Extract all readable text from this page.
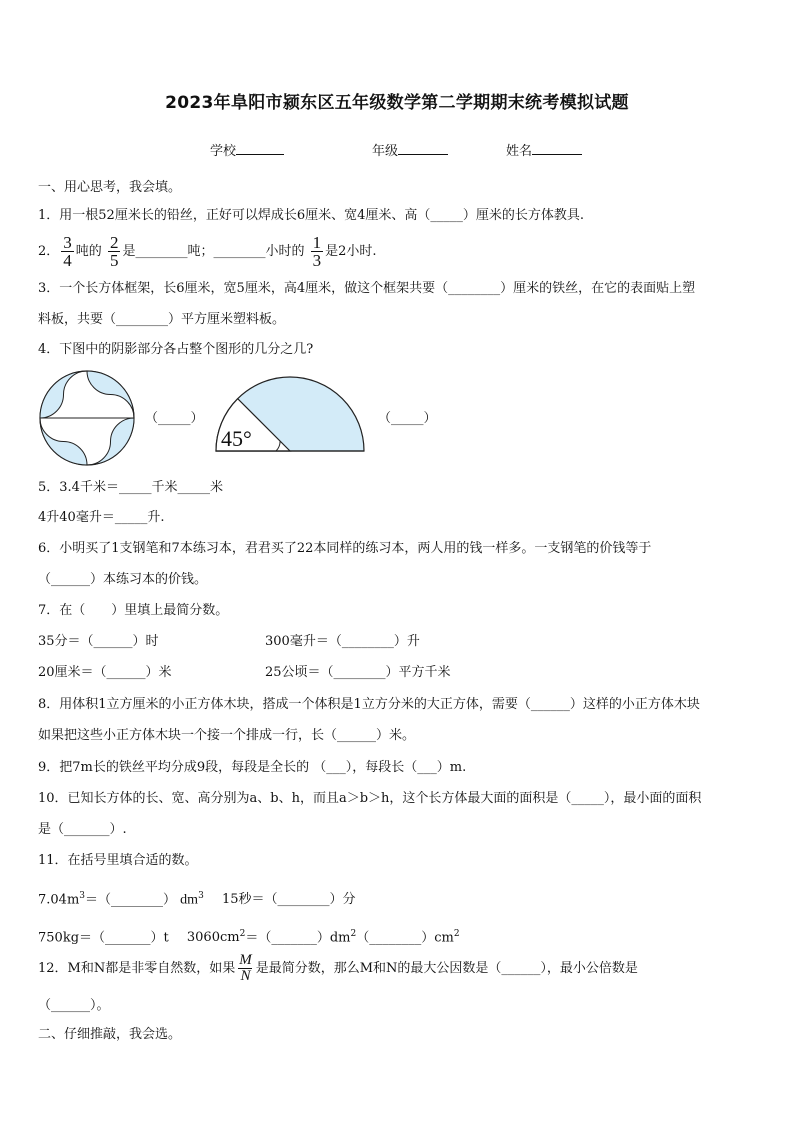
2023年阜阳市颍东区五年级数学第二学期期末统考模拟试题
学校	年级	姓名
一、用心思考，我会填。
1．用一根52厘米长的铅丝，正好可以焊成长6厘米、宽4厘米、高（_____）厘米的长方体教具.
2． $\frac{3}{4}$ 吨的 $\frac{2}{5}$ 是________吨；________小时的 $\frac{1}{3}$ 是2小时.
3．一个长方体框架，长6厘米，宽5厘米，高4厘米，做这个框架共要（________）厘米的铁丝，在它的表面贴上塑
料板，共要（________）平方厘米塑料板。
4．下图中的阴影部分各占整个图形的几分之几?
（_____）
45°
（_____）
5．3.4千米＝_____千米_____米
4升40毫升＝_____升.
6．小明买了1支钢笔和7本练习本，君君买了22本同样的练习本，两人用的钱一样多。一支钢笔的价钱等于
（______）本练习本的价钱。
7．在（　　）里填上最简分数。
35分＝（______）时	300毫升＝（________）升
20厘米＝（______）米	25公顷＝（________）平方千米
8．用体积1立方厘米的小正方体木块，搭成一个体积是1立方分米的大正方体，需要（______）这样的小正方体木块
如果把这些小正方体木块一个接一个排成一行，长（______）米。
9．把7m长的铁丝平均分成9段，每段是全长的 （___），每段长（___）m.
10．已知长方体的长、宽、高分别为a、b、h，而且a＞b＞h，这个长方体最大面的面积是（_____），最小面的面积
是（_______）.
11．在括号里填合适的数。
$7.04m^3=(\_\_\_\_\_\_\_\_)$ $dm^3$ 15秒＝（________）分
750kg＝（_______）t $3060cm^2=(\_\_\_\_\_\_\_)dm^2(\_\_\_\_\_\_\_\_)cm^2$
12．M和N都是非零自然数，如果 $\frac{M}{N}$ 是最简分数，那么M和N的最大公因数是（______），最小公倍数是
（______）。
二、仔细推敲，我会选。
